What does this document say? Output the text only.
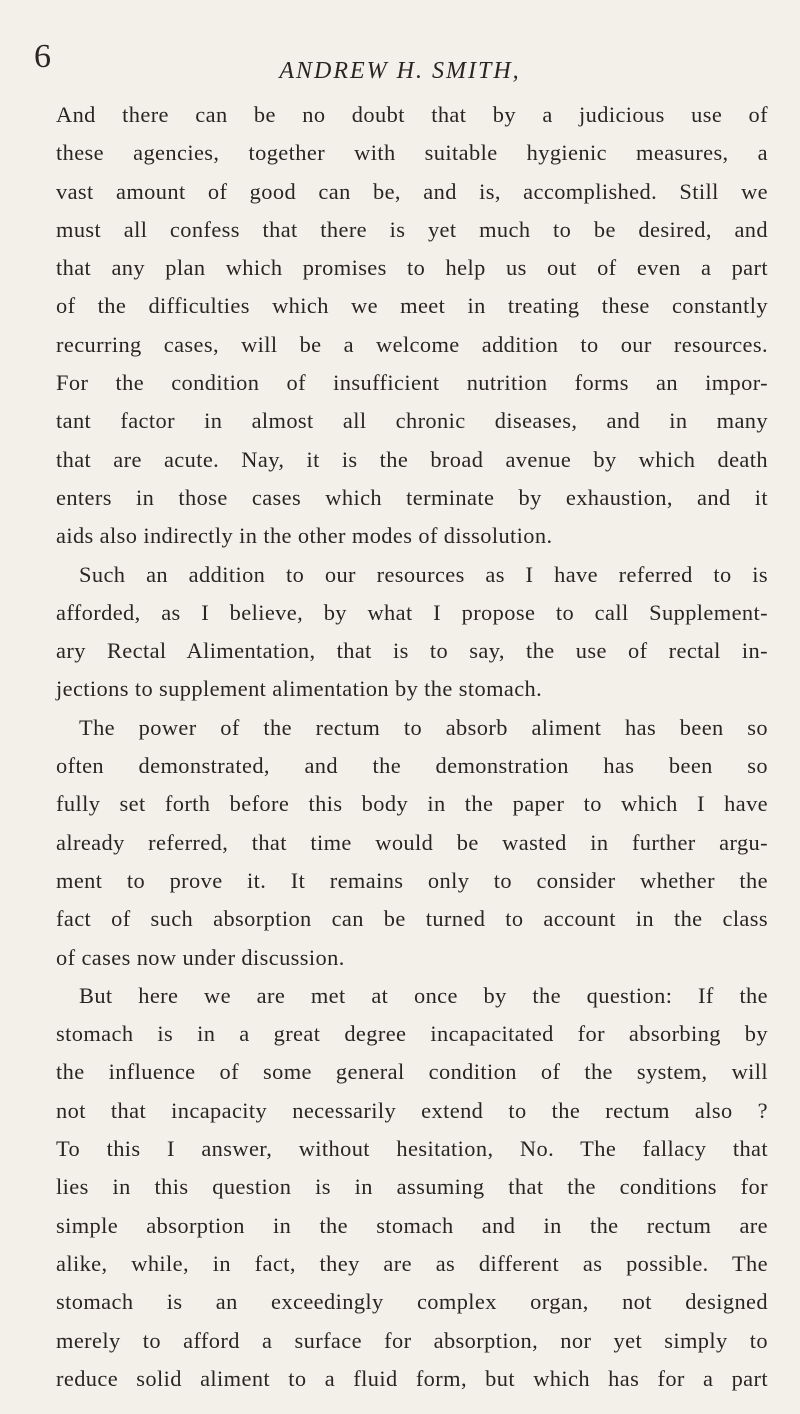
6	ANDREW H. SMITH,
And there can be no doubt that by a judicious use of
these agencies, together with suitable hygienic measures, a
vast amount of good can be, and is, accomplished. Still we
must all confess that there is yet much to be desired, and
that any plan which promises to help us out of even a part
of the difficulties which we meet in treating these constantly
recurring cases, will be a welcome addition to our resources.
For the condition of insufficient nutrition forms an impor-
tant factor in almost all chronic diseases, and in many
that are acute. Nay, it is the broad avenue by which death
enters in those cases which terminate by exhaustion, and it
aids also indirectly in the other modes of dissolution.
Such an addition to our resources as I have referred to is
afforded, as I believe, by what I propose to call Supplement-
ary Rectal Alimentation, that is to say, the use of rectal in-
jections to supplement alimentation by the stomach.
The power of the rectum to absorb aliment has been so
often demonstrated, and the demonstration has been so
fully set forth before this body in the paper to which I have
already referred, that time would be wasted in further argu-
ment to prove it. It remains only to consider whether the
fact of such absorption can be turned to account in the class
of cases now under discussion.
But here we are met at once by the question: If the
stomach is in a great degree incapacitated for absorbing by
the influence of some general condition of the system, will
not that incapacity necessarily extend to the rectum also ?
To this I answer, without hesitation, No. The fallacy that
lies in this question is in assuming that the conditions for
simple absorption in the stomach and in the rectum are
alike, while, in fact, they are as different as possible. The
stomach is an exceedingly complex organ, not designed
merely to afford a surface for absorption, nor yet simply to
reduce solid aliment to a fluid form, but which has for a part
